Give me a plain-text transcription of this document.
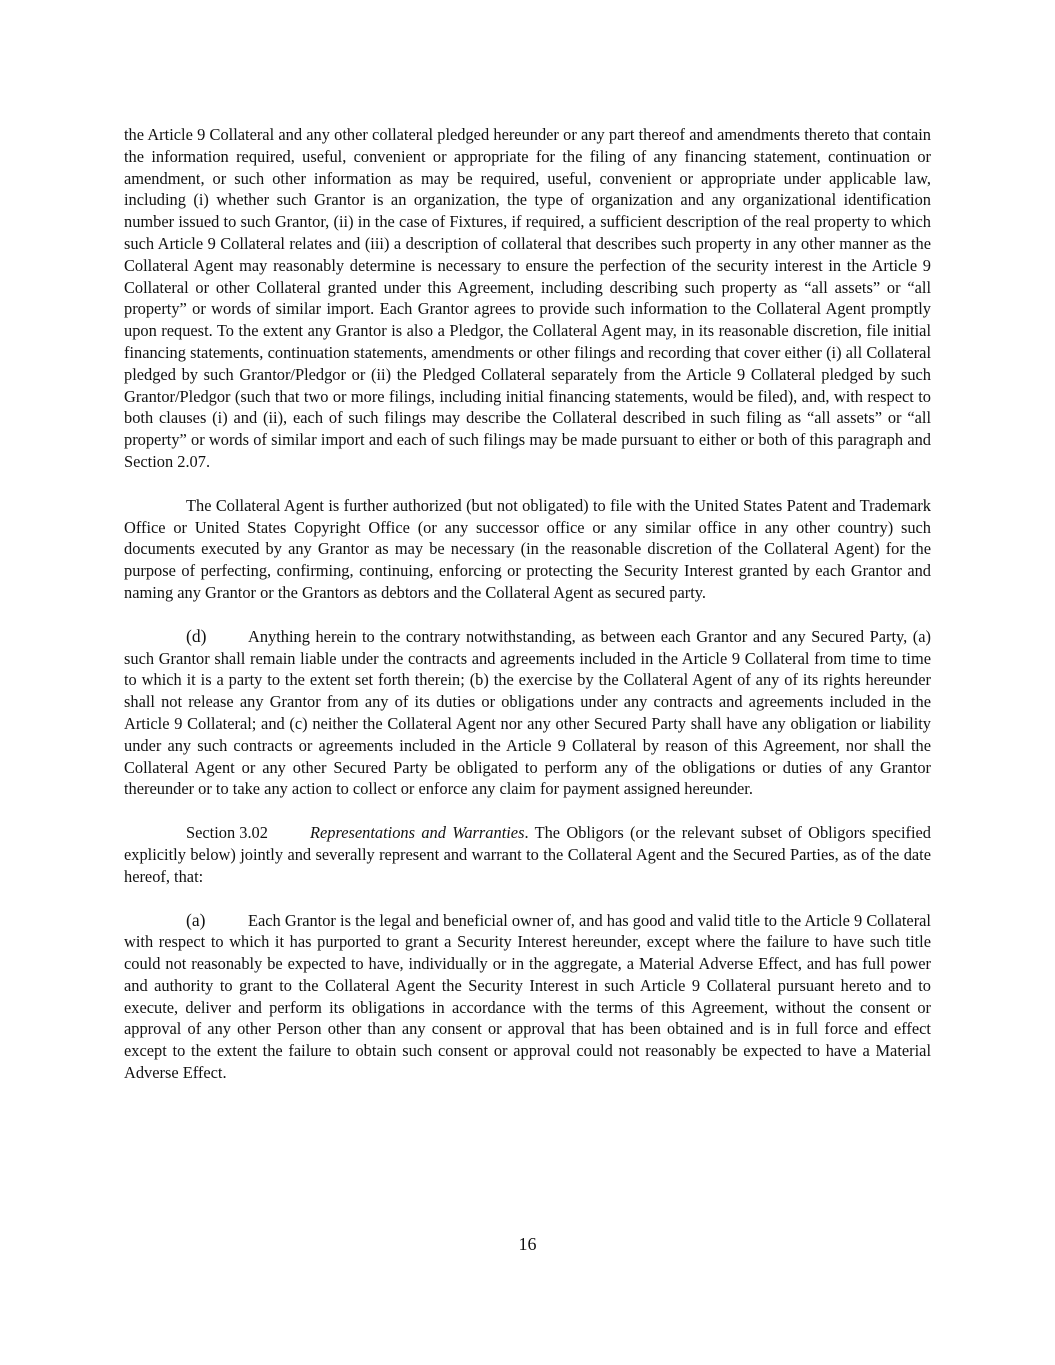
the Article 9 Collateral and any other collateral pledged hereunder or any part thereof and amendments thereto that contain the information required, useful, convenient or appropriate for the filing of any financing statement, continuation or amendment, or such other information as may be required, useful, convenient or appropriate under applicable law, including (i) whether such Grantor is an organization, the type of organization and any organizational identification number issued to such Grantor, (ii) in the case of Fixtures, if required, a sufficient description of the real property to which such Article 9 Collateral relates and (iii) a description of collateral that describes such property in any other manner as the Collateral Agent may reasonably determine is necessary to ensure the perfection of the security interest in the Article 9 Collateral or other Collateral granted under this Agreement, including describing such property as “all assets” or “all property” or words of similar import. Each Grantor agrees to provide such information to the Collateral Agent promptly upon request. To the extent any Grantor is also a Pledgor, the Collateral Agent may, in its reasonable discretion, file initial financing statements, continuation statements, amendments or other filings and recording that cover either (i) all Collateral pledged by such Grantor/Pledgor or (ii) the Pledged Collateral separately from the Article 9 Collateral pledged by such Grantor/Pledgor (such that two or more filings, including initial financing statements, would be filed), and, with respect to both clauses (i) and (ii), each of such filings may describe the Collateral described in such filing as “all assets” or “all property” or words of similar import and each of such filings may be made pursuant to either or both of this paragraph and Section 2.07.

The Collateral Agent is further authorized (but not obligated) to file with the United States Patent and Trademark Office or United States Copyright Office (or any successor office or any similar office in any other country) such documents executed by any Grantor as may be necessary (in the reasonable discretion of the Collateral Agent) for the purpose of perfecting, confirming, continuing, enforcing or protecting the Security Interest granted by each Grantor and naming any Grantor or the Grantors as debtors and the Collateral Agent as secured party.

(d)	Anything herein to the contrary notwithstanding, as between each Grantor and any Secured Party, (a) such Grantor shall remain liable under the contracts and agreements included in the Article 9 Collateral from time to time to which it is a party to the extent set forth therein; (b) the exercise by the Collateral Agent of any of its rights hereunder shall not release any Grantor from any of its duties or obligations under any contracts and agreements included in the Article 9 Collateral; and (c) neither the Collateral Agent nor any other Secured Party shall have any obligation or liability under any such contracts or agreements included in the Article 9 Collateral by reason of this Agreement, nor shall the Collateral Agent or any other Secured Party be obligated to perform any of the obligations or duties of any Grantor thereunder or to take any action to collect or enforce any claim for payment assigned hereunder.

Section 3.02	Representations and Warranties. The Obligors (or the relevant subset of Obligors specified explicitly below) jointly and severally represent and warrant to the Collateral Agent and the Secured Parties, as of the date hereof, that:

(a)	Each Grantor is the legal and beneficial owner of, and has good and valid title to the Article 9 Collateral with respect to which it has purported to grant a Security Interest hereunder, except where the failure to have such title could not reasonably be expected to have, individually or in the aggregate, a Material Adverse Effect, and has full power and authority to grant to the Collateral Agent the Security Interest in such Article 9 Collateral pursuant hereto and to execute, deliver and perform its obligations in accordance with the terms of this Agreement, without the consent or approval of any other Person other than any consent or approval that has been obtained and is in full force and effect except to the extent the failure to obtain such consent or approval could not reasonably be expected to have a Material Adverse Effect.

16
